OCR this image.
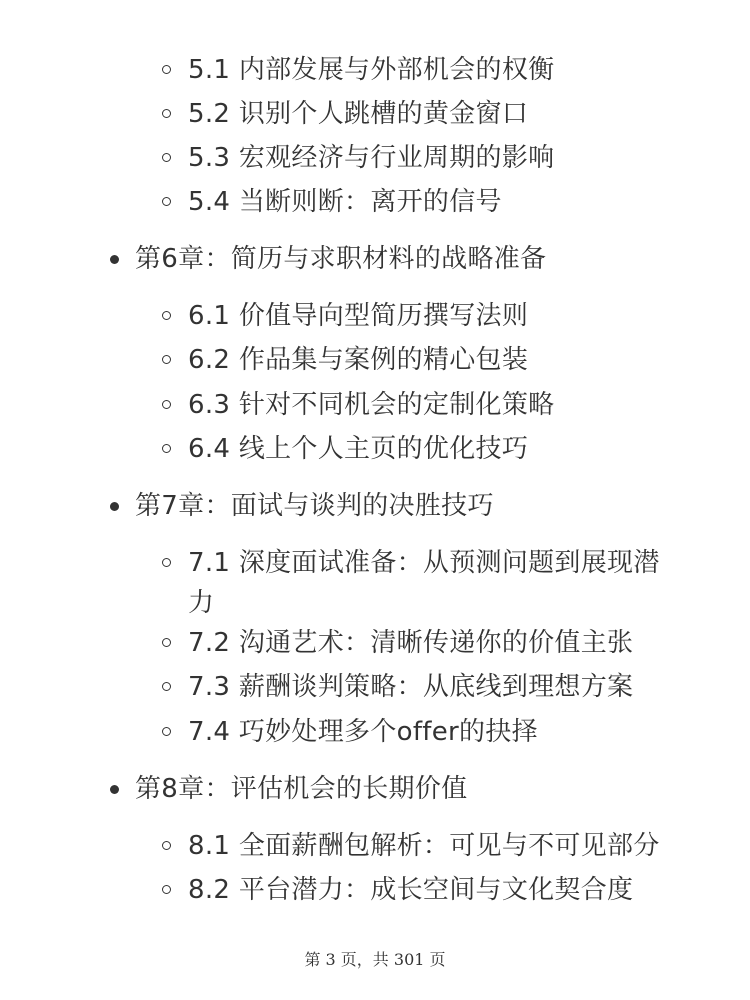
5.1 内部发展与外部机会的权衡
5.2 识别个人跳槽的黄金窗口
5.3 宏观经济与行业周期的影响
5.4 当断则断：离开的信号
第6章：简历与求职材料的战略准备
6.1 价值导向型简历撰写法则
6.2 作品集与案例的精心包装
6.3 针对不同机会的定制化策略
6.4 线上个人主页的优化技巧
第7章：面试与谈判的决胜技巧
7.1 深度面试准备：从预测问题到展现潜力
7.2 沟通艺术：清晰传递你的价值主张
7.3 薪酬谈判策略：从底线到理想方案
7.4 巧妙处理多个offer的抉择
第8章：评估机会的长期价值
8.1 全面薪酬包解析：可见与不可见部分
8.2 平台潜力：成长空间与文化契合度
第 3 页，共 301 页
